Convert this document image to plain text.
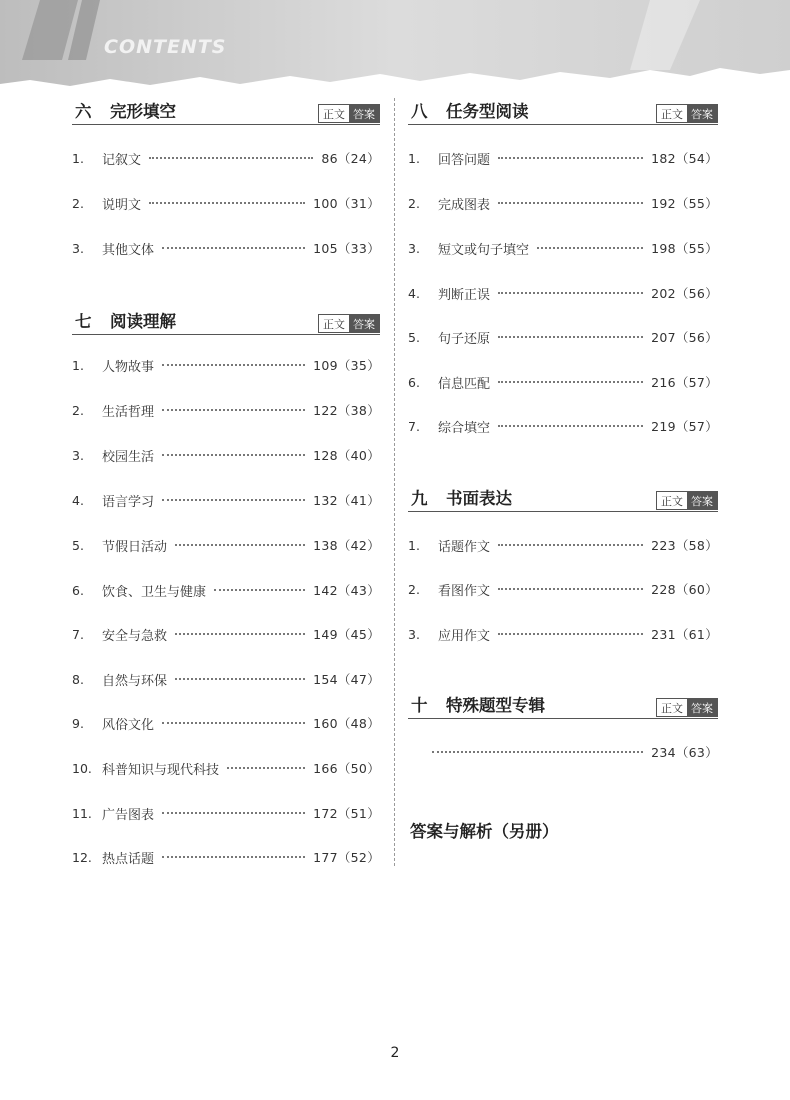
CONTENTS
六 完形填空	正文 答案
1.	记叙文	86（24）
2.	说明文	100（31）
3.	其他文体	105（33）
七 阅读理解	正文 答案
1.	人物故事	109（35）
2.	生活哲理	122（38）
3.	校园生活	128（40）
4.	语言学习	132（41）
5.	节假日活动	138（42）
6.	饮食、卫生与健康	142（43）
7.	安全与急救	149（45）
8.	自然与环保	154（47）
9.	风俗文化	160（48）
10. 科普知识与现代科技	166（50）
11. 广告图表	172（51）
12. 热点话题	177（52）
八 任务型阅读	正文 答案
1.	回答问题	182（54）
2.	完成图表	192（55）
3.	短文或句子填空	198（55）
4.	判断正误	202（56）
5.	句子还原	207（56）
6.	信息匹配	216（57）
7.	综合填空	219（57）
九 书面表达	正文 答案
1.	话题作文	223（58）
2.	看图作文	228（60）
3.	应用作文	231（61）
十 特殊题型专辑	正文 答案
234（63）
答案与解析（另册）
2
